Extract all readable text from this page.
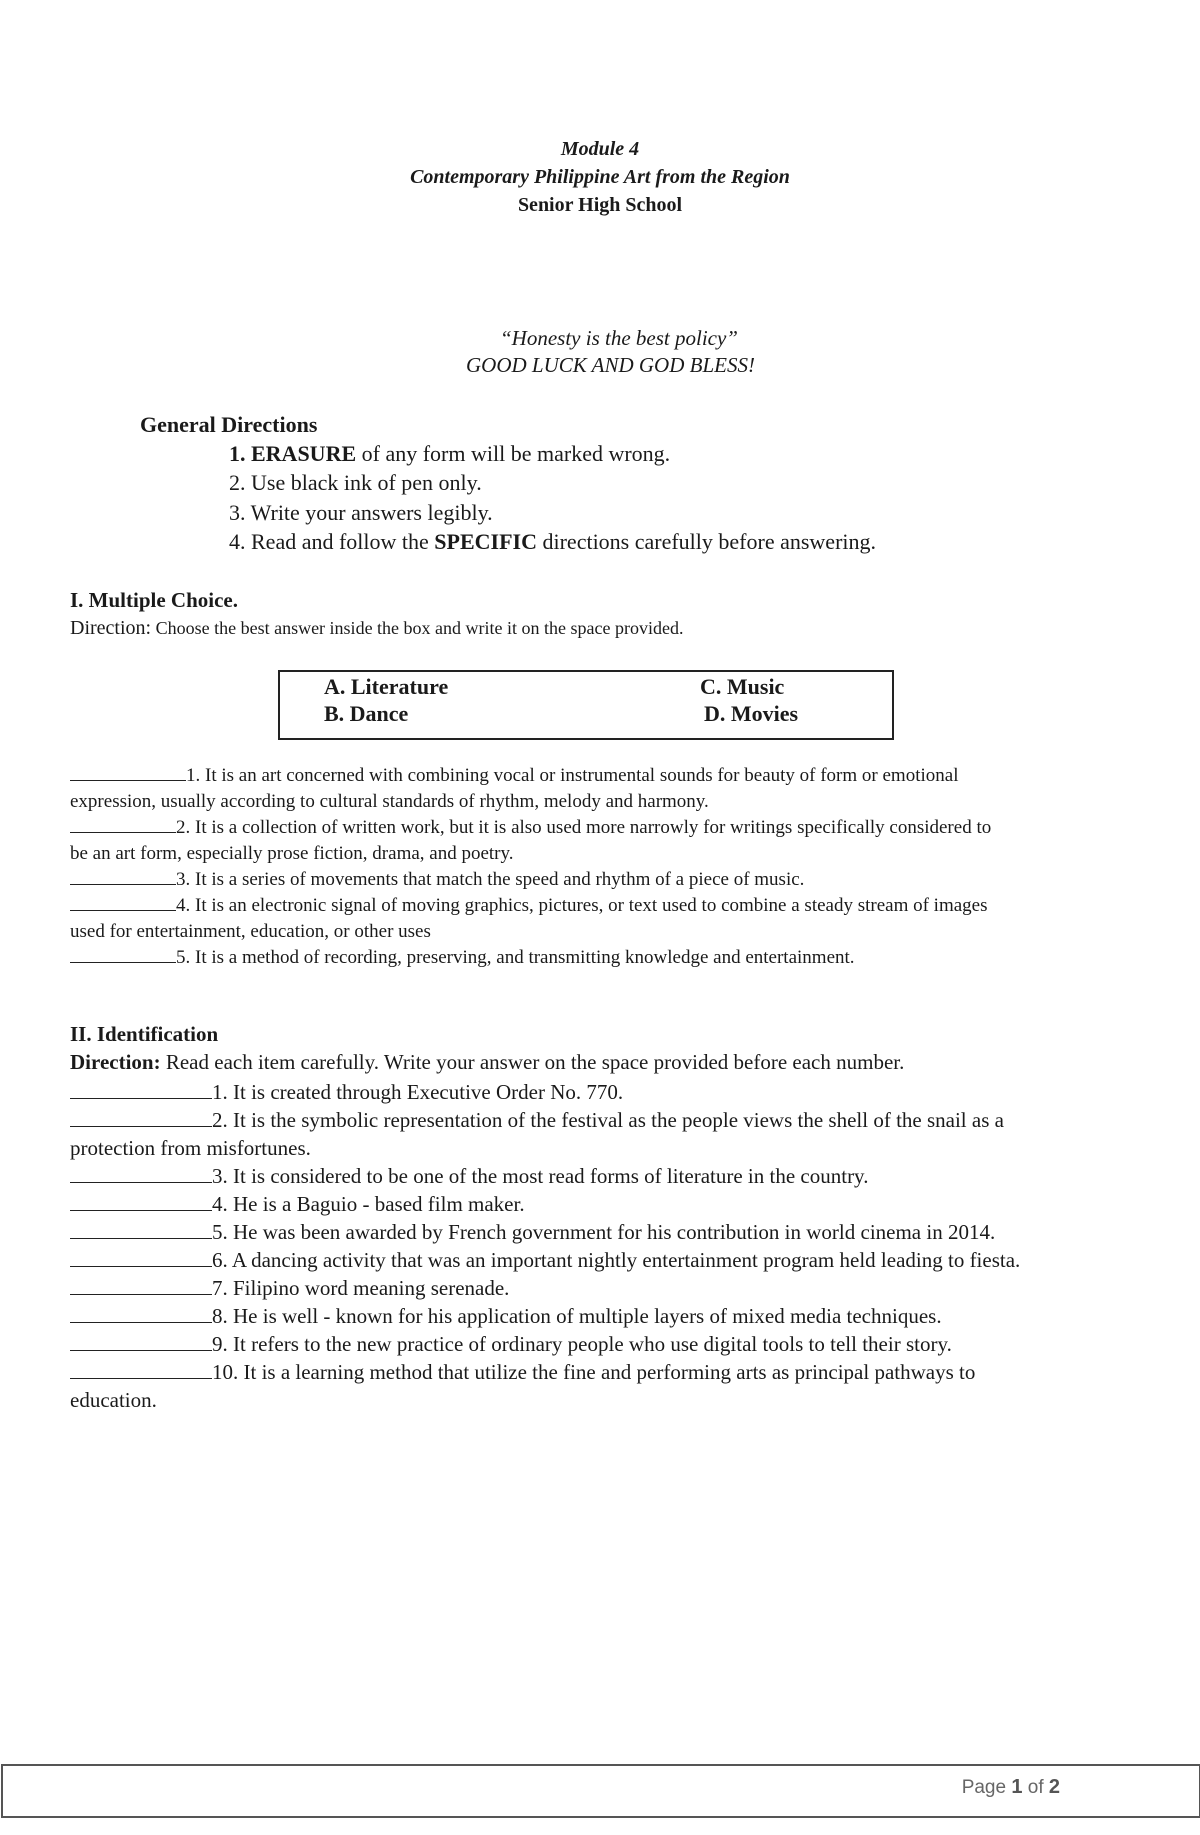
Module 4
Contemporary Philippine Art from the Region
Senior High School
“Honesty is the best policy”
GOOD LUCK AND GOD BLESS!
General Directions
1. ERASURE of any form will be marked wrong.
2. Use black ink of pen only.
3. Write your answers legibly.
4. Read and follow the SPECIFIC directions carefully before answering.
I. Multiple Choice.
Direction: Choose the best answer inside the box and write it on the space provided.
A. Literature
B. Dance
C. Music
D. Movies
1. It is an art concerned with combining vocal or instrumental sounds for beauty of form or emotional
expression, usually according to cultural standards of rhythm, melody and harmony.
2. It is a collection of written work, but it is also used more narrowly for writings specifically considered to
be an art form, especially prose fiction, drama, and poetry.
3. It is a series of movements that match the speed and rhythm of a piece of music.
4. It is an electronic signal of moving graphics, pictures, or text used to combine a steady stream of images
used for entertainment, education, or other uses
5. It is a method of recording, preserving, and transmitting knowledge and entertainment.
II. Identification
Direction: Read each item carefully. Write your answer on the space provided before each number.
1. It is created through Executive Order No. 770.
2. It is the symbolic representation of the festival as the people views the shell of the snail as a
protection from misfortunes.
3. It is considered to be one of the most read forms of literature in the country.
4. He is a Baguio - based film maker.
5. He was been awarded by French government for his contribution in world cinema in 2014.
6. A dancing activity that was an important nightly entertainment program held leading to fiesta.
7. Filipino word meaning serenade.
8. He is well - known for his application of multiple layers of mixed media techniques.
9. It refers to the new practice of ordinary people who use digital tools to tell their story.
10. It is a learning method that utilize the fine and performing arts as principal pathways to
education.
Page 1 of 2
